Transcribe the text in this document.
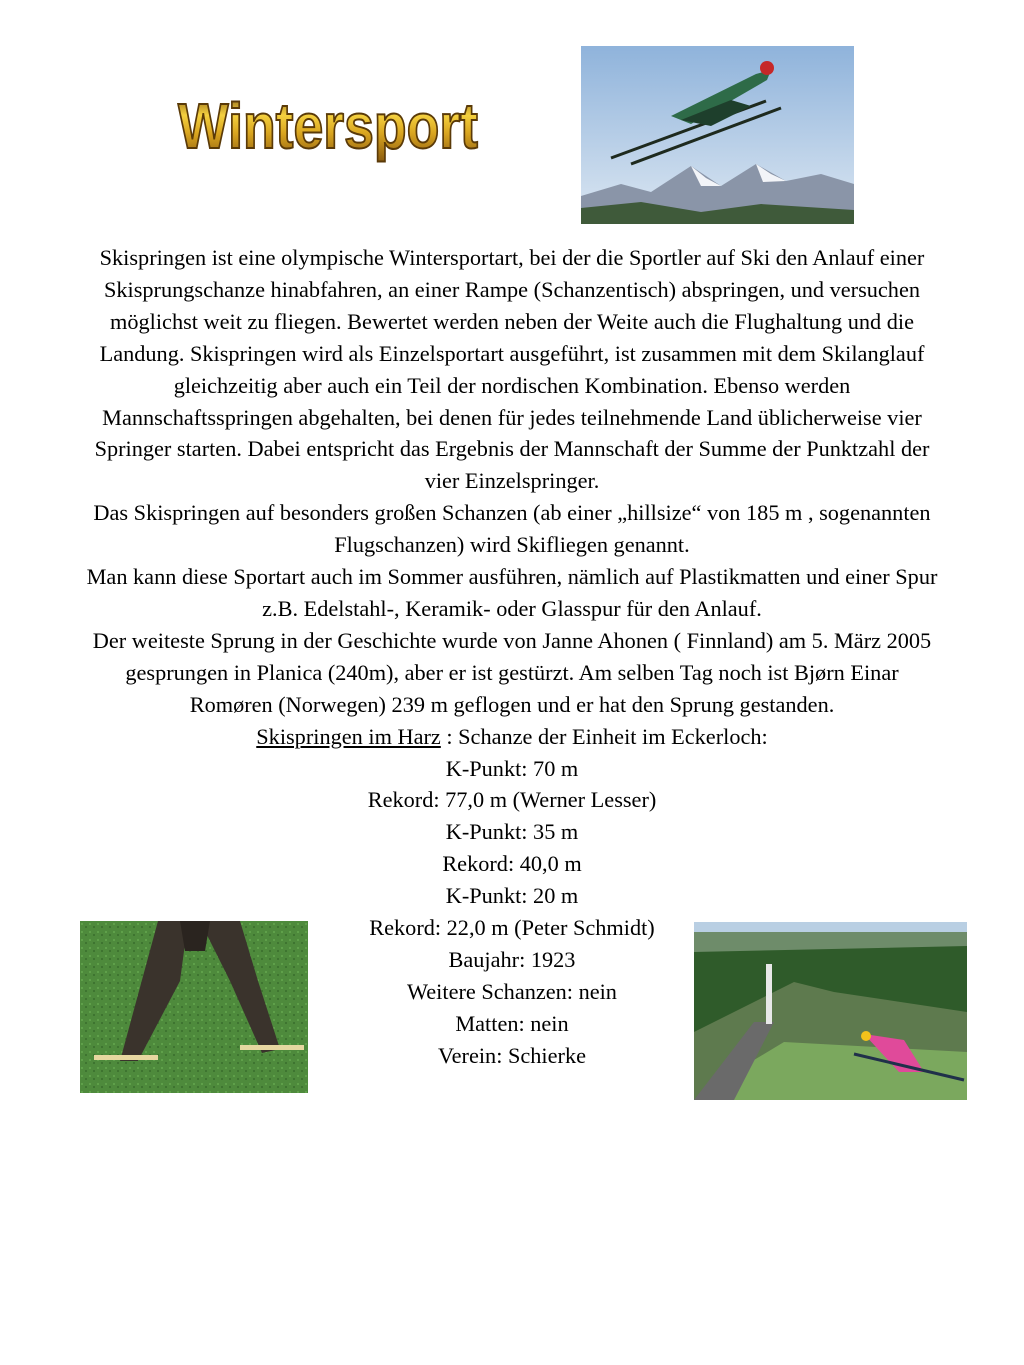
Wintersport

Skispringen ist eine olympische Wintersportart, bei der die Sportler auf Ski den Anlauf einer Skisprungschanze hinabfahren, an einer Rampe (Schanzentisch) abspringen, und versuchen möglichst weit zu fliegen. Bewertet werden neben der Weite auch die Flughaltung und die Landung. Skispringen wird als Einzelsportart ausgeführt, ist zusammen mit dem Skilanglauf gleichzeitig aber auch ein Teil der nordischen Kombination. Ebenso werden Mannschaftsspringen abgehalten, bei denen für jedes teilnehmende Land üblicherweise vier Springer starten. Dabei entspricht das Ergebnis der Mannschaft der Summe der Punktzahl der vier Einzelspringer.

Das Skispringen auf besonders großen Schanzen (ab einer „hillsize“ von 185 m , sogenannten Flugschanzen) wird Skifliegen genannt.

Man kann diese Sportart auch im Sommer ausführen, nämlich auf Plastikmatten und einer Spur z.B. Edelstahl-, Keramik- oder Glasspur für den Anlauf.

Der weiteste Sprung in der Geschichte wurde von Janne Ahonen ( Finnland) am 5. März 2005 gesprungen in Planica (240m), aber er ist gestürzt. Am selben Tag noch ist Bjørn Einar Romøren (Norwegen) 239 m geflogen und er hat den Sprung gestanden.

Skispringen im Harz : Schanze der Einheit im Eckerloch:

K-Punkt: 70 m

Rekord: 77,0 m (Werner Lesser)

K-Punkt: 35 m

Rekord: 40,0 m

K-Punkt: 20 m

Rekord: 22,0 m (Peter Schmidt)

Baujahr: 1923

Weitere Schanzen: nein

Matten: nein

Verein: Schierke
